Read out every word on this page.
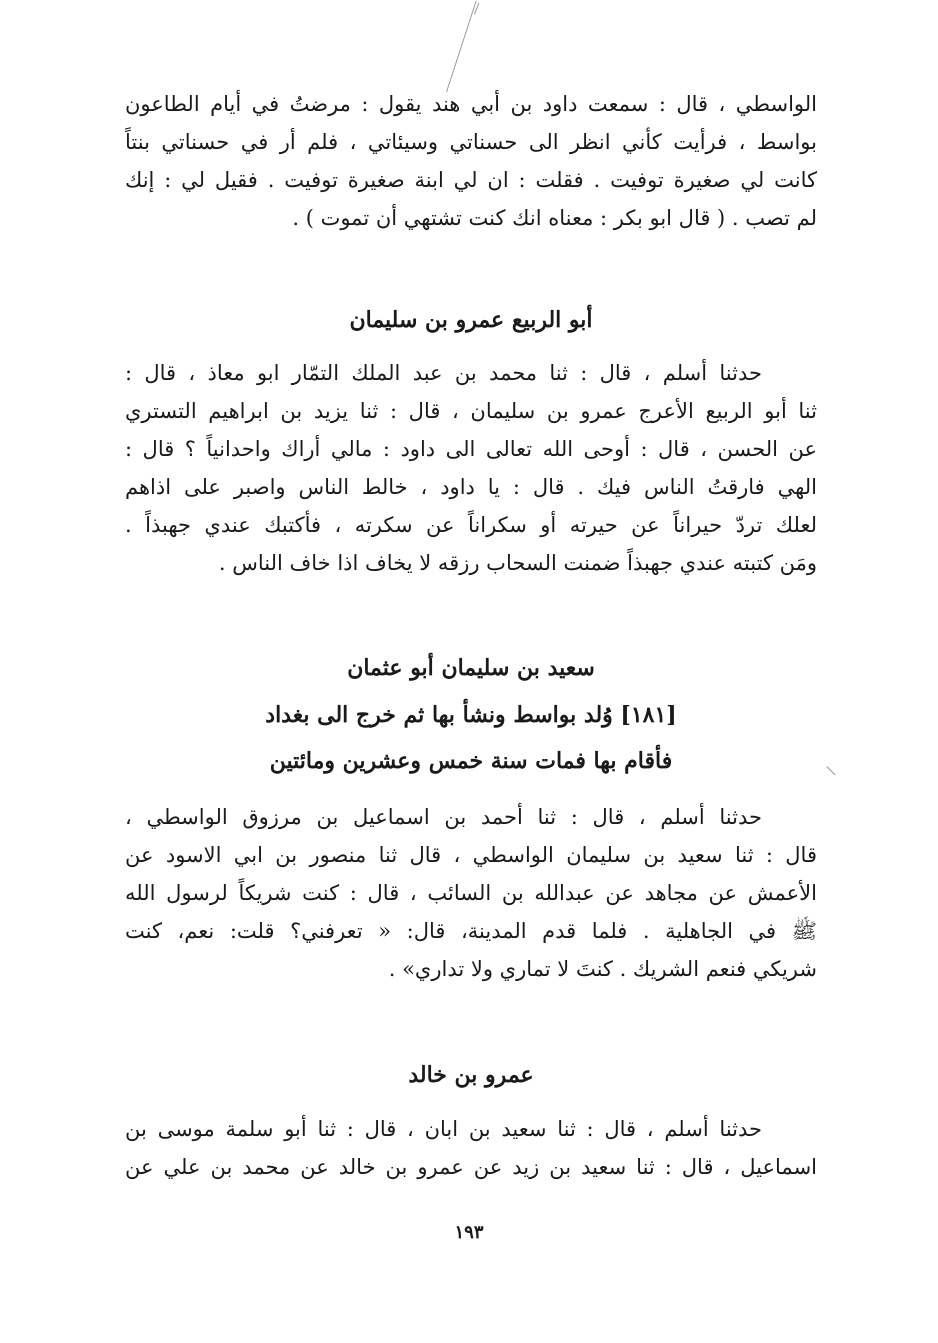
الواسطي ، قال : سمعت داود بن أبي هند يقول : مرضتُ في أيام الطاعون
بواسط ، فرأيت كأني انظر الى حسناتي وسيئاتي ، فلم أر في حسناتي بنتاً
كانت لي صغيرة توفيت . فقلت : ان لي ابنة صغيرة توفيت . فقيل لي : إنك
لم تصب . ( قال ابو بكر : معناه انك كنت تشتهي أن تموت ) .
أبو الربيع عمرو بن سليمان
حدثنا أسلم ، قال : ثنا محمد بن عبد الملك التمّار ابو معاذ ، قال :
ثنا أبو الربيع الأعرج عمرو بن سليمان ، قال : ثنا يزيد بن ابراهيم التستري
عن الحسن ، قال : أوحى الله تعالى الى داود : مالي أراك واحدانياً ؟ قال :
الهي فارقتُ الناس فيك . قال : يا داود ، خالط الناس واصبر على اذاهم
لعلك تردّ حيراناً عن حيرته أو سكراناً عن سكرته ، فأكتبك عندي جهبذاً .
ومَن كتبته عندي جهبذاً ضمنت السحاب رزقه لا يخاف اذا خاف الناس .
سعيد بن سليمان أبو عثمان
[١٨١] وُلد بواسط ونشأ بها ثم خرج الى بغداد
فأقام بها فمات سنة خمس وعشرين ومائتين
حدثنا أسلم ، قال : ثنا أحمد بن اسماعيل بن مرزوق الواسطي ،
قال : ثنا سعيد بن سليمان الواسطي ، قال ثنا منصور بن ابي الاسود عن
الأعمش عن مجاهد عن عبدالله بن السائب ، قال : كنت شريكاً لرسول الله
ﷺ في الجاهلية . فلما قدم المدينة، قال: « تعرفني؟ قلت: نعم، كنت
شريكي فنعم الشريك . كنتَ لا تماري ولا تداري» .
عمرو بن خالد
حدثنا أسلم ، قال : ثنا سعيد بن ابان ، قال : ثنا أبو سلمة موسى بن
اسماعيل ، قال : ثنا سعيد بن زيد عن عمرو بن خالد عن محمد بن علي عن
١٩٣
